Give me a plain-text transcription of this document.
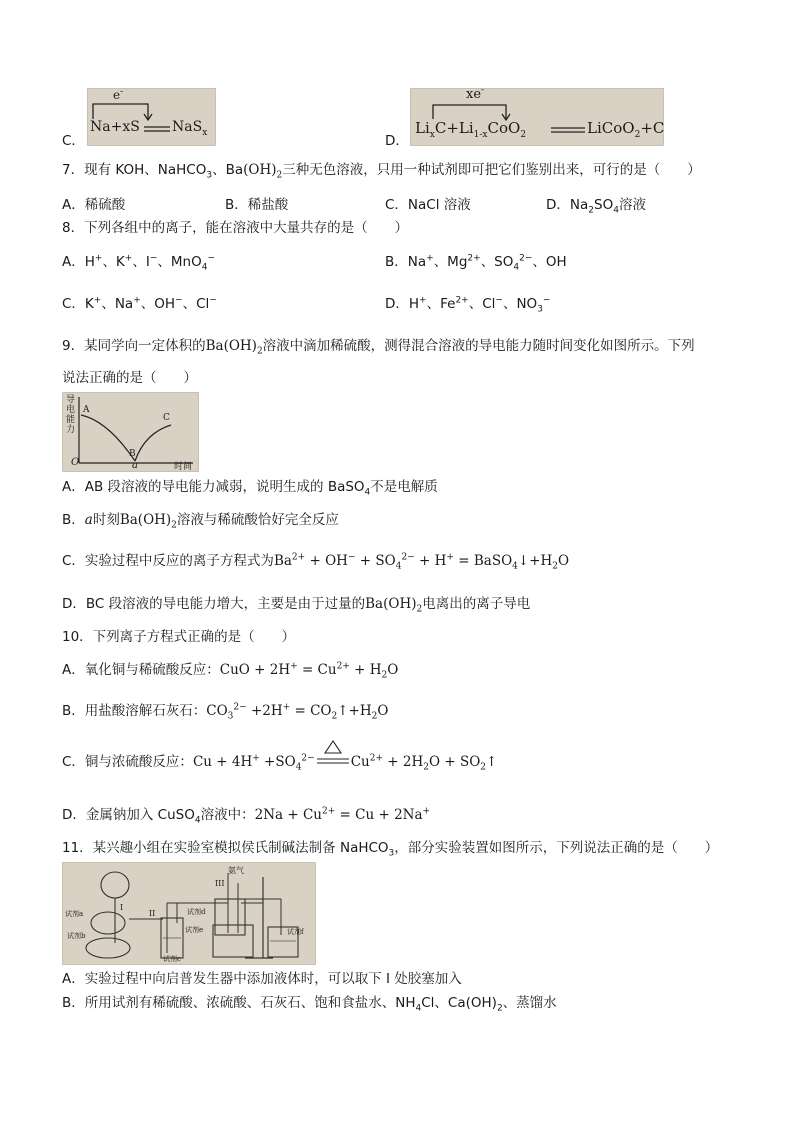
C．
e-
Na+xS NaS$_x$
D．
xe-
$Li_xC+Li_{1-x}CoO_2$	LiCoO$_2$+C
7．现有 KOH、NaHCO$_3$、$Ba(OH)_2$三种无色溶液，只用一种试剂即可把它们鉴别出来，可行的是（　　）
A．稀硫酸	B．稀盐酸	C．NaCl 溶液	D．$Na_2SO_4$溶液
8．下列各组中的离子，能在溶液中大量共存的是（　　）
A．H+、K+、I−、MnO$_4$−	B．Na+、$Mg^{2+}$、$SO_4^{2-}$、OH
C．K+、Na+、OH−、Cl−	D．H+、$Fe^{2+}$、Cl−、$NO_3^-$
9．某同学向一定体积的$Ba(OH)_2$溶液中滴加稀硫酸，测得混合溶液的导电能力随时间变化如图所示。下列
说法正确的是（　　）
导电能力
A
B
C
O	a	时间
A．AB 段溶液的导电能力减弱，说明生成的 BaSO$_4$不是电解质
B．a时刻$Ba(OH)_2$溶液与稀硫酸恰好完全反应
C．实验过程中反应的离子方程式为$Ba^{2+} + OH^- + SO_4^{2-} + H^+$ = $BaSO_4↓+H_2O$
D．BC 段溶液的导电能力增大，主要是由于过量的$Ba(OH)_2$电离出的离子导电
10．下列离子方程式正确的是（　　）
A．氧化铜与稀硫酸反应：CuO + $2H^+ = Cu^{2+} + H_2O$
B．用盐酸溶解石灰石：$CO_3^{2-} +2H^+$ = $CO_2↑+H_2O$
C．铜与浓硫酸反应：$Cu + 4H^+ +SO_4^{2-}$	$Cu^{2+} + 2H_2O$ + $SO_2↑$
D．金属钠加入 CuSO$_4$溶液中：$2Na + Cu^{2+} = Cu + 2Na^+$
11．某兴趣小组在实验室模拟侯氏制碱法制备 NaHCO$_3$，部分实验装置如图所示，下列说法正确的是（　　）
氨气
III
II
I
试剂a
试剂b
试剂c
试剂d
试剂e	试剂f
A．实验过程中向启普发生器中添加液体时，可以取下 I 处胶塞加入
B．所用试剂有稀硫酸、浓硫酸、石灰石、饱和食盐水、$NH_4Cl$、$Ca(OH)_2$、蒸馏水
